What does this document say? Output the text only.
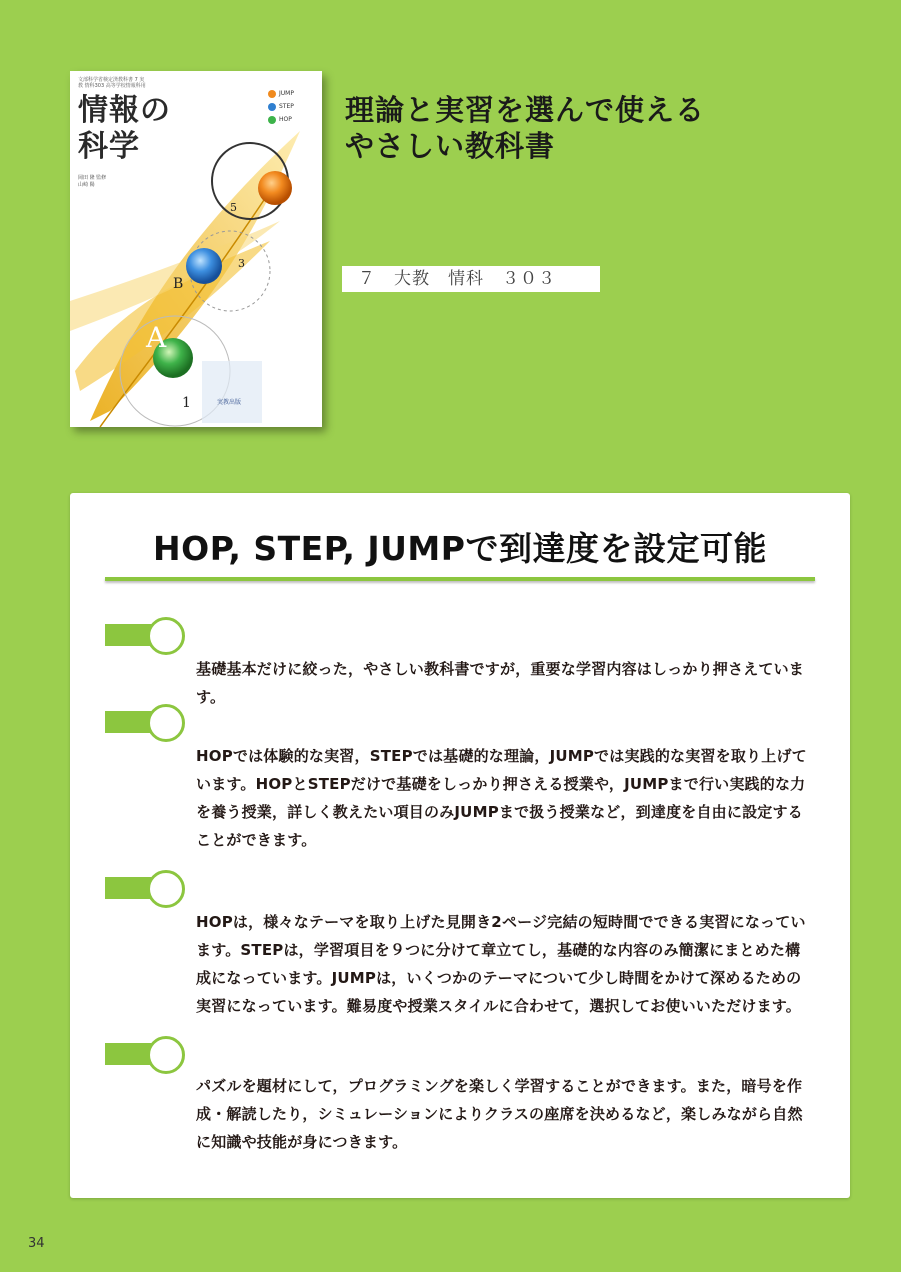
文部科学省検定済教科書 7 実教 情科303 高等学校情報科用
情報の
科学
岡田 隆 監修
山崎 陽
JUMP
STEP
HOP
A
B
1
3
5
実教出版
理論と実習を選んで使える
やさしい教科書
７　大教　情科　３０３
HOP, STEP, JUMPで到達度を設定可能
基礎基本だけに絞った，やさしい教科書ですが，重要な学習内容はしっかり押さえています。
HOPでは体験的な実習，STEPでは基礎的な理論，JUMPでは実践的な実習を取り上げています。HOPとSTEPだけで基礎をしっかり押さえる授業や，JUMPまで行い実践的な力を養う授業，詳しく教えたい項目のみJUMPまで扱う授業など，到達度を自由に設定することができます。
HOPは，様々なテーマを取り上げた見開き2ページ完結の短時間でできる実習になっています。STEPは，学習項目を９つに分けて章立てし，基礎的な内容のみ簡潔にまとめた構成になっています。JUMPは，いくつかのテーマについて少し時間をかけて深めるための実習になっています。難易度や授業スタイルに合わせて，選択してお使いいただけます。
パズルを題材にして，プログラミングを楽しく学習することができます。また，暗号を作成・解読したり，シミュレーションによりクラスの座席を決めるなど，楽しみながら自然に知識や技能が身につきます。
34
